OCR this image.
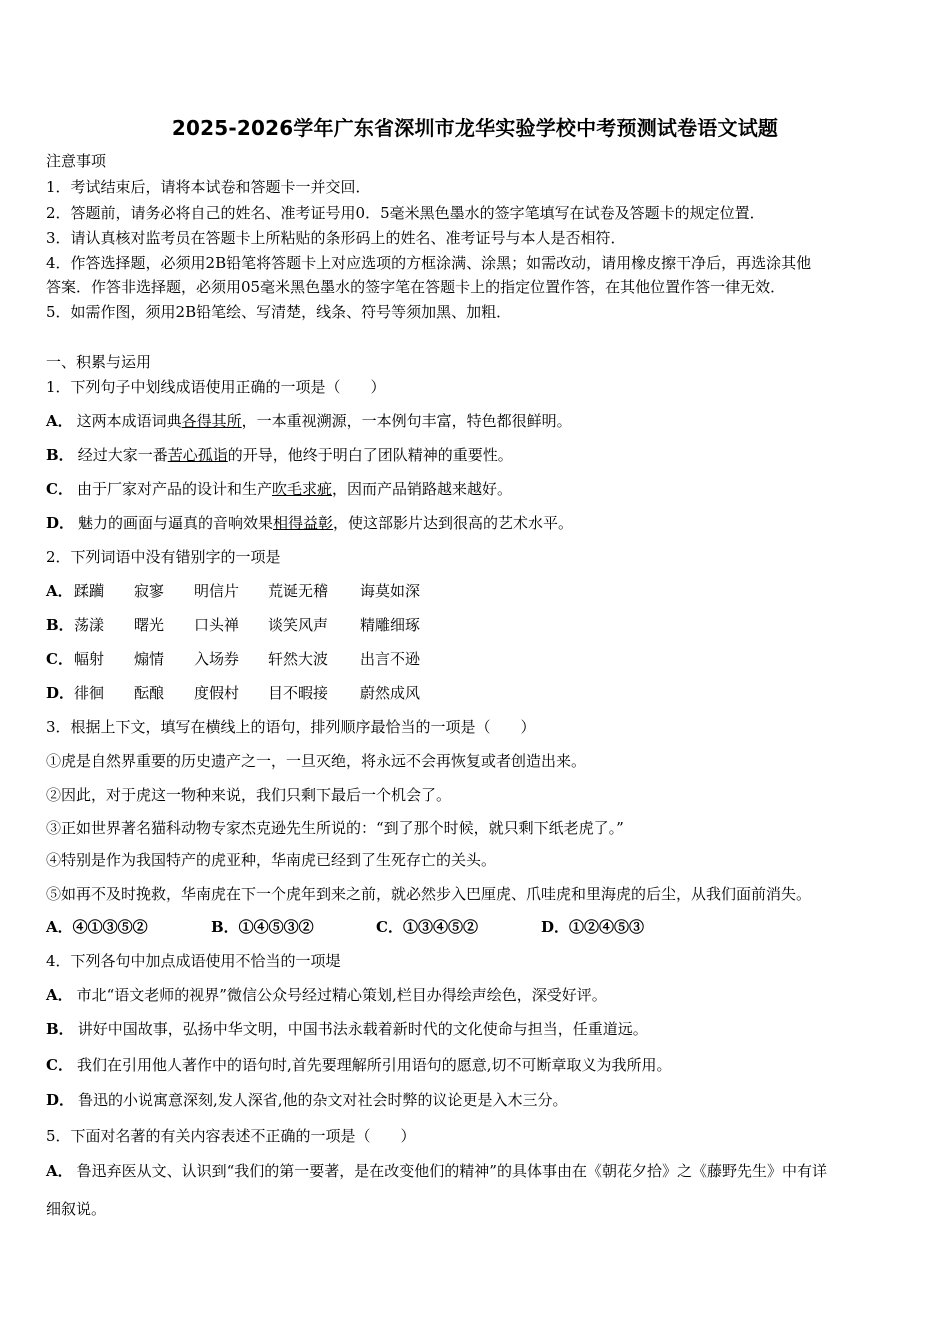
2025-2026学年广东省深圳市龙华实验学校中考预测试卷语文试题
注意事项
1．考试结束后，请将本试卷和答题卡一并交回．
2．答题前，请务必将自己的姓名、准考证号用0．5毫米黑色墨水的签字笔填写在试卷及答题卡的规定位置．
3．请认真核对监考员在答题卡上所粘贴的条形码上的姓名、准考证号与本人是否相符．
4．作答选择题，必须用2B铅笔将答题卡上对应选项的方框涂满、涂黑；如需改动，请用橡皮擦干净后，再选涂其他
答案．作答非选择题，必须用05毫米黑色墨水的签字笔在答题卡上的指定位置作答，在其他位置作答一律无效．
5．如需作图，须用2B铅笔绘、写清楚，线条、符号等须加黑、加粗．
一、积累与运用
1．下列句子中划线成语使用正确的一项是（　　）
A． 这两本成语词典各得其所，一本重视溯源，一本例句丰富，特色都很鲜明。
B． 经过大家一番苦心孤诣的开导，他终于明白了团队精神的重要性。
C． 由于厂家对产品的设计和生产吹毛求疵，因而产品销路越来越好。
D． 魅力的画面与逼真的音响效果相得益彰，使这部影片达到很高的艺术水平。
2．下列词语中没有错别字的一项是
A．蹂躏 寂寥 明信片 荒诞无稽 诲莫如深
B．荡漾 曙光 口头禅 谈笑风声 精雕细琢
C．幅射 煽情 入场券 轩然大波 出言不逊
D．徘徊 酝酿 度假村 目不暇接 蔚然成风
3．根据上下文，填写在横线上的语句，排列顺序最恰当的一项是（　　）
①虎是自然界重要的历史遗产之一，一旦灭绝，将永远不会再恢复或者创造出来。
②因此，对于虎这一物种来说，我们只剩下最后一个机会了。
③正如世界著名猫科动物专家杰克逊先生所说的：“到了那个时候，就只剩下纸老虎了。”
④特别是作为我国特产的虎亚种，华南虎已经到了生死存亡的关头。
⑤如再不及时挽救，华南虎在下一个虎年到来之前，就必然步入巴厘虎、爪哇虎和里海虎的后尘，从我们面前消失。
A．④①③⑤②	B．①④⑤③②	C．①③④⑤②	D．①②④⑤③
4．下列各句中加点成语使用不恰当的一项堤
A． 市北“语文老师的视界”微信公众号经过精心策划,栏目办得绘声绘色，深受好评。
B． 讲好中国故事，弘扬中华文明，中国书法永载着新时代的文化使命与担当，任重道远。
C． 我们在引用他人著作中的语句时,首先要理解所引用语句的愿意,切不可断章取义为我所用。
D． 鲁迅的小说寓意深刻,发人深省,他的杂文对社会时弊的议论更是入木三分。
5．下面对名著的有关内容表述不正确的一项是（　　）
A． 鲁迅弃医从文、认识到“我们的第一要著，是在改变他们的精神”的具体事由在《朝花夕拾》之《藤野先生》中有详
细叙说。
